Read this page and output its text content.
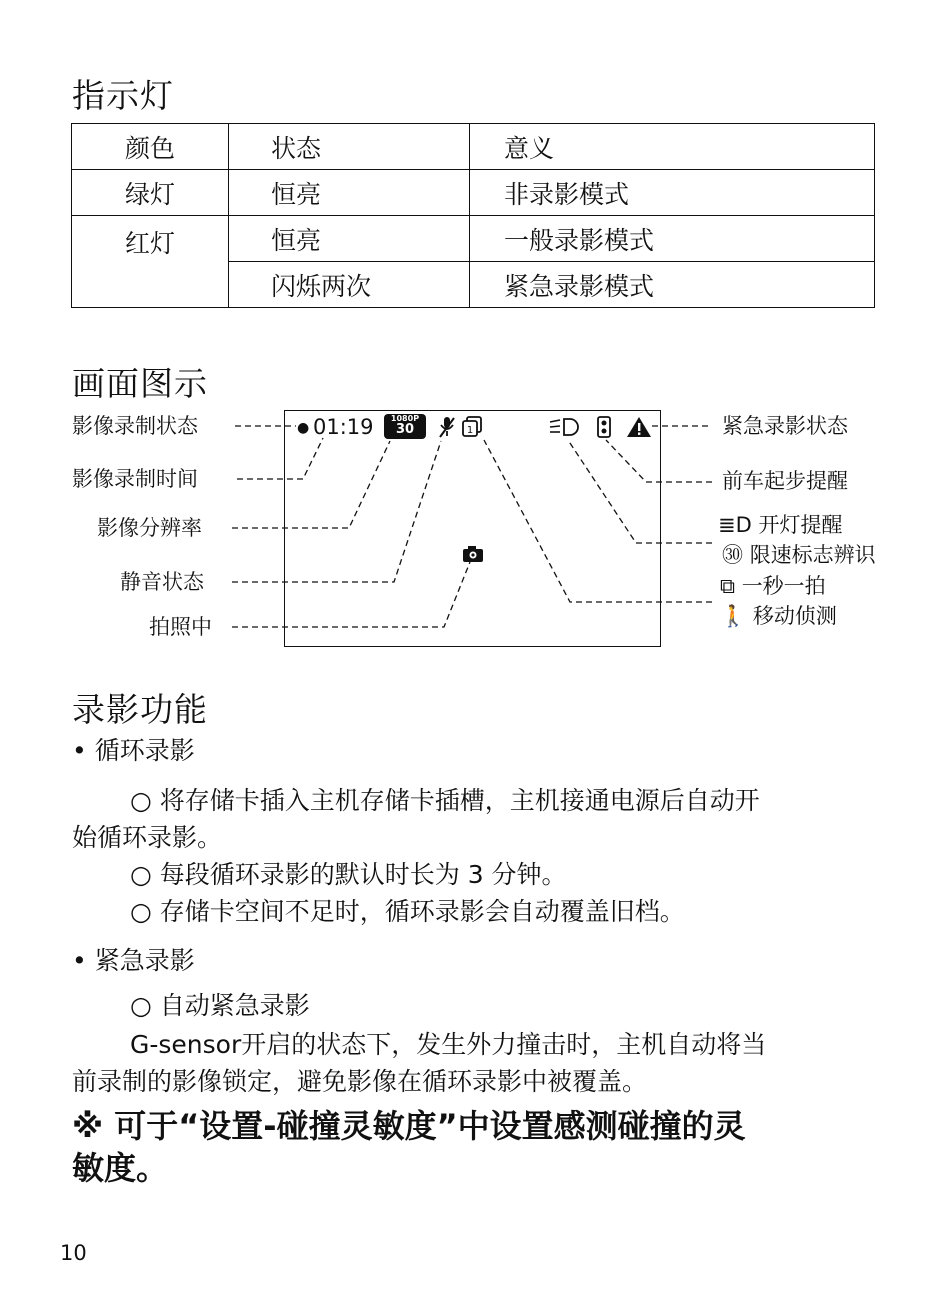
指示灯
颜色	状态	意义
绿灯	恒亮	非录影模式
红灯	恒亮	一般录影模式
	闪烁两次	紧急录影模式
画面图示
影像录制状态
影像录制时间
影像分辨率
静音状态
拍照中
紧急录影状态
前车起步提醒
≣D 开灯提醒
㉚ 限速标志辨识
⧉ 一秒一拍
🚶 移动侦测
● 01:19	1080P
30	1
录影功能
• 循环录影
○ 将存储卡插入主机存储卡插槽，主机接通电源后自动开
始循环录影。
○ 每段循环录影的默认时长为 3 分钟。
○ 存储卡空间不足时，循环录影会自动覆盖旧档。
• 紧急录影
○ 自动紧急录影
G-sensor开启的状态下，发生外力撞击时，主机自动将当
前录制的影像锁定，避免影像在循环录影中被覆盖。
※ 可于“设置-碰撞灵敏度”中设置感测碰撞的灵
敏度。
10
